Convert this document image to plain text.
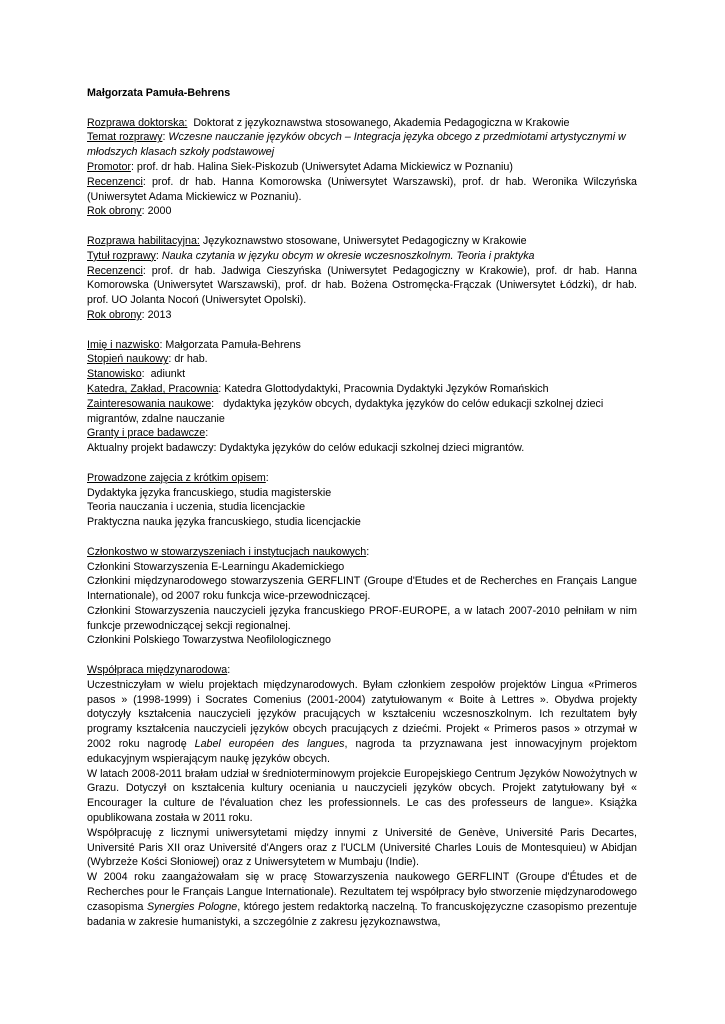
Małgorzata Pamuła-Behrens
Rozprawa doktorska: Doktorat z językoznawstwa stosowanego, Akademia Pedagogiczna w Krakowie
Temat rozprawy: Wczesne nauczanie języków obcych – Integracja języka obcego z przedmiotami artystycznymi w młodszych klasach szkoły podstawowej
Promotor: prof. dr hab. Halina Siek-Piskozub (Uniwersytet Adama Mickiewicz w Poznaniu)
Recenzenci: prof. dr hab. Hanna Komorowska (Uniwersytet Warszawski), prof. dr hab. Weronika Wilczyńska (Uniwersytet Adama Mickiewicz w Poznaniu).
Rok obrony: 2000
Rozprawa habilitacyjna: Językoznawstwo stosowane, Uniwersytet Pedagogiczny w Krakowie
Tytuł rozprawy: Nauka czytania w języku obcym w okresie wczesnoszkolnym. Teoria i praktyka
Recenzenci: prof. dr hab. Jadwiga Cieszyńska (Uniwersytet Pedagogiczny w Krakowie), prof. dr hab. Hanna Komorowska (Uniwersytet Warszawski), prof. dr hab. Bożena Ostromęcka-Frączak (Uniwersytet Łódzki), dr hab. prof. UO Jolanta Nocoń (Uniwersytet Opolski).
Rok obrony: 2013
Imię i nazwisko: Małgorzata Pamuła-Behrens
Stopień naukowy: dr hab.
Stanowisko:  adiunkt
Katedra, Zakład, Pracownia: Katedra Glottodydaktyki, Pracownia Dydaktyki Języków Romańskich
Zainteresowania naukowe:   dydaktyka języków obcych, dydaktyka języków do celów edukacji szkolnej dzieci migrantów, zdalne nauczanie
Granty i prace badawcze:
Aktualny projekt badawczy: Dydaktyka języków do celów edukacji szkolnej dzieci migrantów.
Prowadzone zajęcia z krótkim opisem:
Dydaktyka języka francuskiego, studia magisterskie
Teoria nauczania i uczenia, studia licencjackie
Praktyczna nauka języka francuskiego, studia licencjackie
Członkostwo w stowarzyszeniach i instytucjach naukowych:
Członkini Stowarzyszenia E-Learningu Akademickiego
Członkini międzynarodowego stowarzyszenia GERFLINT (Groupe d'Etudes et de Recherches en Français Langue Internationale), od 2007 roku funkcja wice-przewodniczącej.
Członkini Stowarzyszenia nauczycieli języka francuskiego PROF-EUROPE, a w latach 2007-2010 pełniłam w nim funkcje przewodniczącej sekcji regionalnej.
Członkini Polskiego Towarzystwa Neofilologicznego
Współpraca międzynarodowa:
Uczestniczyłam w wielu projektach międzynarodowych. Byłam członkiem zespołów projektów Lingua «Primeros pasos » (1998-1999) i Socrates Comenius (2001-2004) zatytułowanym « Boite à Lettres ». Obydwa projekty dotyczyły kształcenia nauczycieli języków pracujących w kształceniu wczesnoszkolnym. Ich rezultatem były programy kształcenia nauczycieli języków obcych pracujących z dziećmi. Projekt « Primeros pasos » otrzymał w 2002 roku nagrodę Label européen des langues, nagroda ta przyznawana jest innowacyjnym projektom edukacyjnym wspierającym naukę języków obcych.
W latach 2008-2011 brałam udział w średnioterminowym projekcie Europejskiego Centrum Języków Nowożytnych w Grazu. Dotyczył on kształcenia kultury oceniania u nauczycieli języków obcych. Projekt zatytułowany był « Encourager la culture de l'évaluation chez les professionnels. Le cas des professeurs de langue». Książka opublikowana została w 2011 roku.
Współpracuję z licznymi uniwersytetami między innymi z Université de Genève, Université Paris Decartes, Université Paris XII oraz Université d'Angers oraz z l'UCLM (Université Charles Louis de Montesquieu) w Abidjan (Wybrzeże Kości Słoniowej) oraz z Uniwersytetem w Mumbaju (Indie).
W 2004 roku zaangażowałam się w pracę Stowarzyszenia naukowego GERFLINT (Groupe d'Études et de Recherches pour le Français Langue Internationale). Rezultatem tej współpracy było stworzenie międzynarodowego czasopisma Synergies Pologne, którego jestem redaktorką naczelną. To francuskojęzyczne czasopismo prezentuje badania w zakresie humanistyki, a szczególnie z zakresu językoznawstwa,
